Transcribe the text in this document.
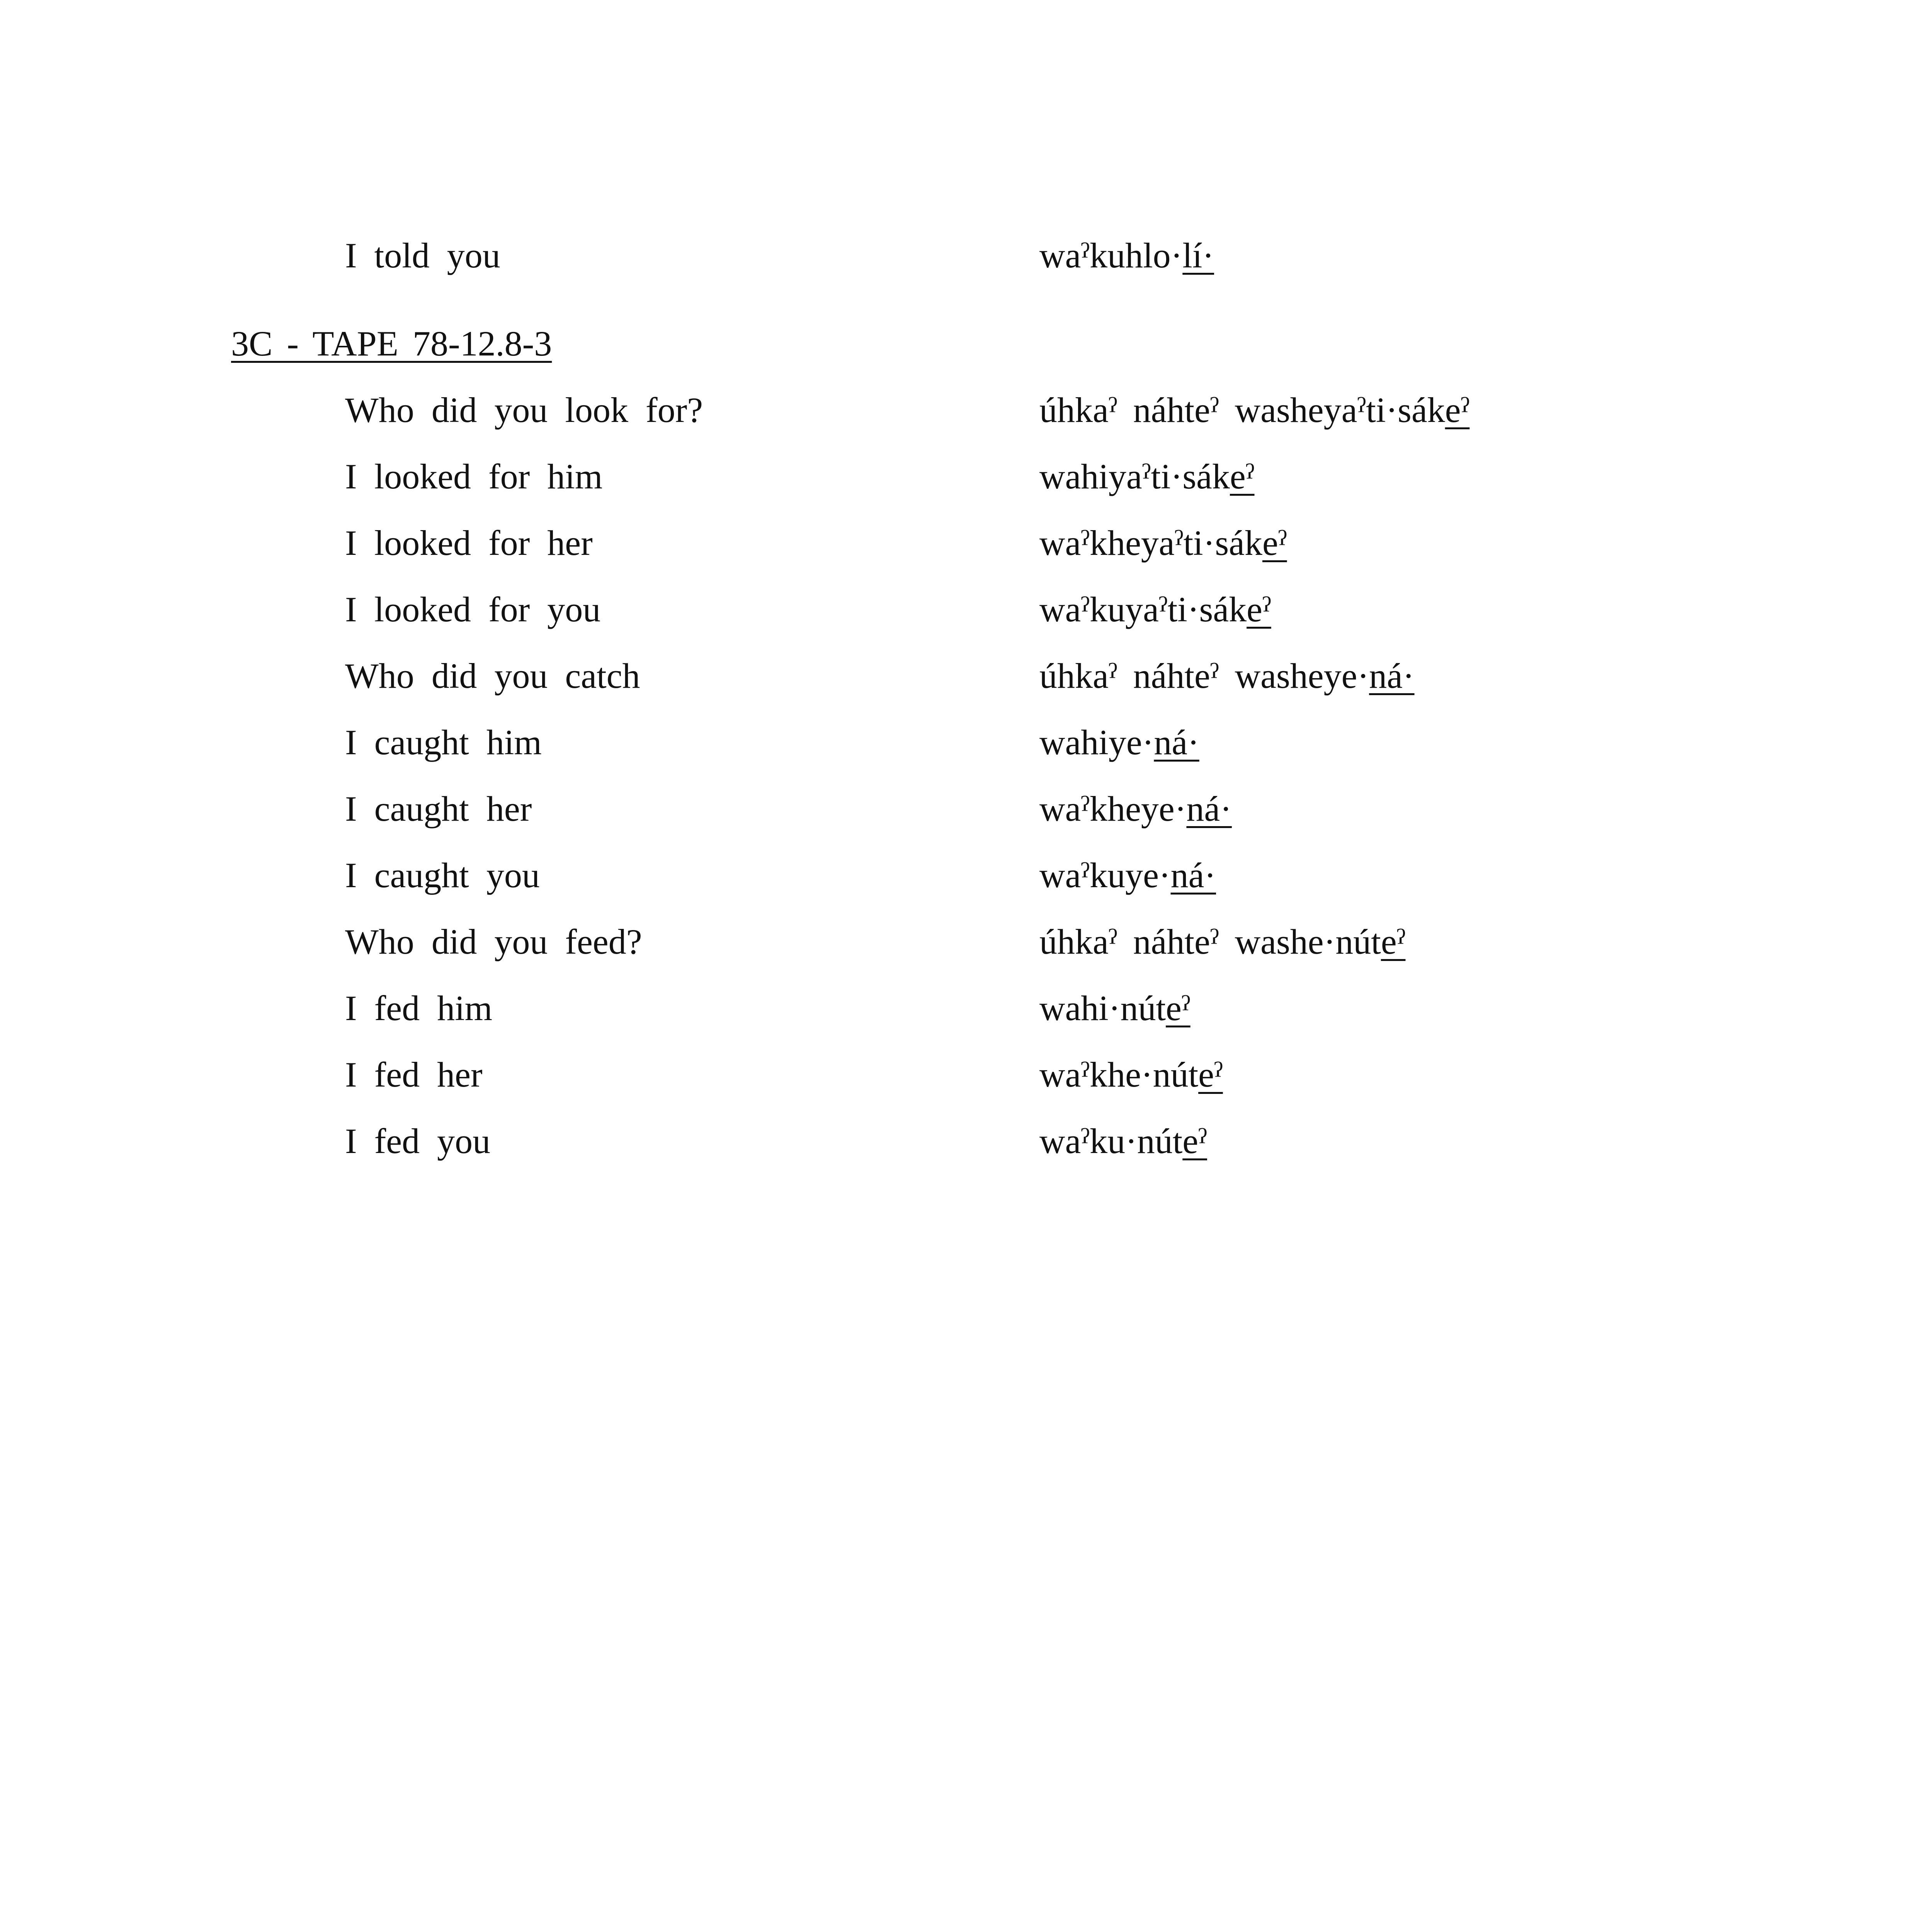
I told you	waˀkuhlo·lí·
3C - TAPE 78-12.8-3
Who did you look for?	úhkaˀ náhteˀ washeyaˀti·sákeˀ
I looked for him	wahiyaˀti·sákeˀ
I looked for her	waˀkheyaˀti·sákeˀ
I looked for you	waˀkuyaˀti·sákeˀ
Who did you catch	úhkaˀ náhteˀ washeye·ná·
I caught him	wahiye·ná·
I caught her	waˀkheye·ná·
I caught you	waˀkuye·ná·
Who did you feed?	úhkaˀ náhteˀ washe·núteˀ
I fed him	wahi·núteˀ
I fed her	waˀkhe·núteˀ
I fed you	waˀku·núteˀ
